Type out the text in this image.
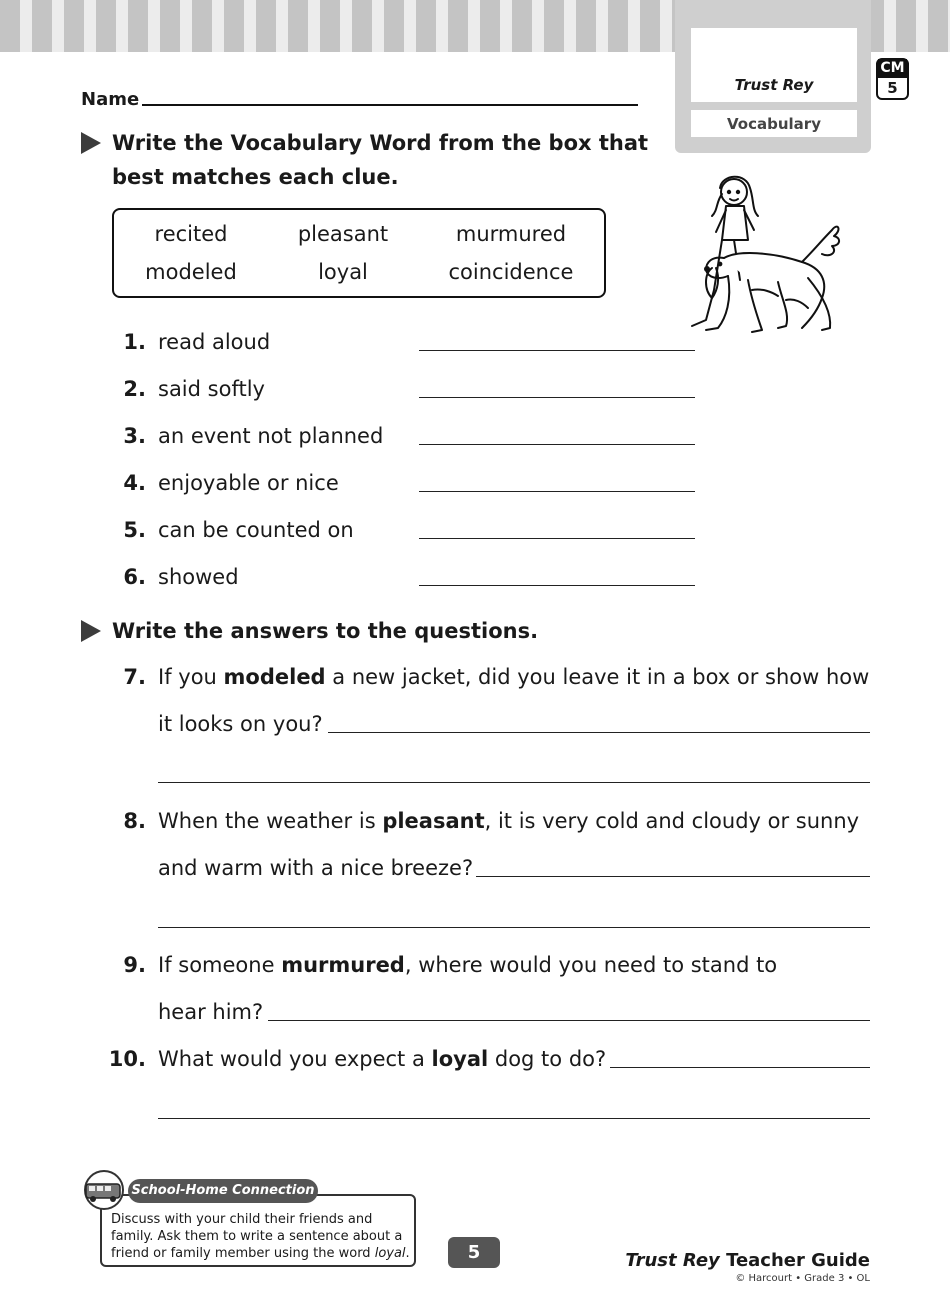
Trust Rey
Vocabulary
CM
5
Name
Write the Vocabulary Word from the box that
best matches each clue.
recited	pleasant	murmured
modeled	loyal	coincidence
1. read aloud
2. said softly
3. an event not planned
4. enjoyable or nice
5. can be counted on
6. showed
Write the answers to the questions.
7. If you modeled a new jacket, did you leave it in a box or show how
it looks on you?
8. When the weather is pleasant, it is very cold and cloudy or sunny
and warm with a nice breeze?
9. If someone murmured, where would you need to stand to
hear him?
10. What would you expect a loyal dog to do?
School-Home Connection
Discuss with your child their friends and family. Ask them to write a sentence about a friend or family member using the word loyal.	5	Trust Rey Teacher Guide
© Harcourt • Grade 3 • OL
